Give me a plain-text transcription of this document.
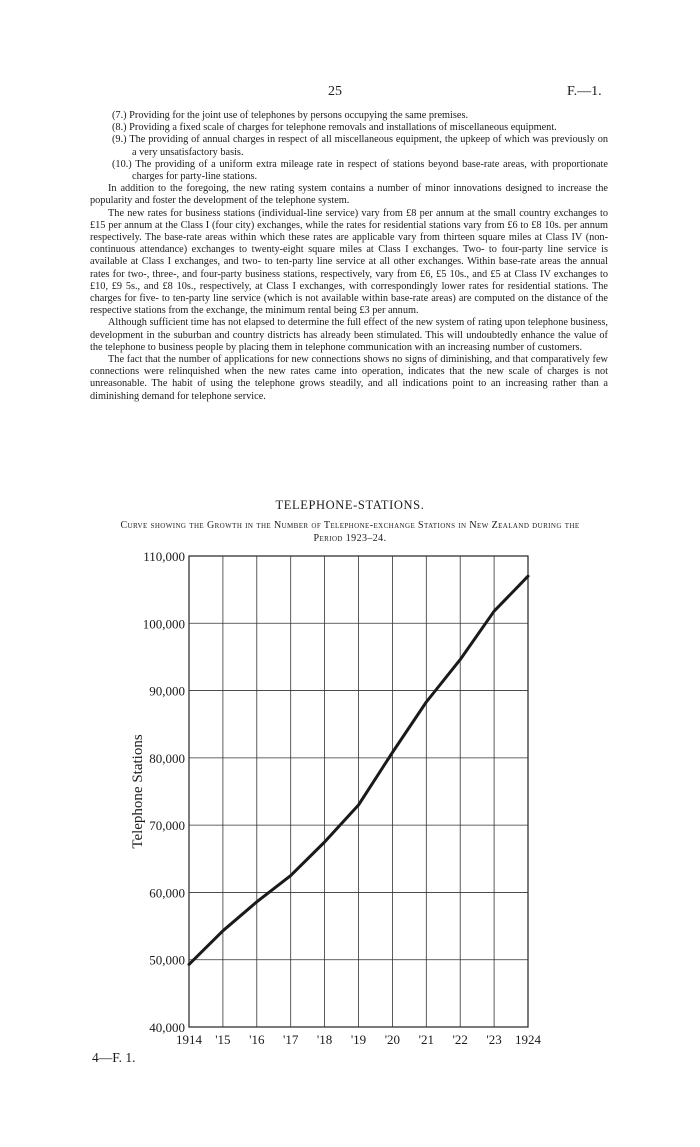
25	F.—1.

(7.) Providing for the joint use of telephones by persons occupying the same premises.

(8.) Providing a fixed scale of charges for telephone removals and installations of miscellaneous equipment.

(9.) The providing of annual charges in respect of all miscellaneous equipment, the upkeep of which was previously on a very unsatisfactory basis.

(10.) The providing of a uniform extra mileage rate in respect of stations beyond base-rate areas, with proportionate charges for party-line stations.

In addition to the foregoing, the new rating system contains a number of minor innovations designed to increase the popularity and foster the development of the telephone system.

The new rates for business stations (individual-line service) vary from £8 per annum at the small country exchanges to £15 per annum at the Class I (four city) exchanges, while the rates for residential stations vary from £6 to £8 10s. per annum respectively. The base-rate areas within which these rates are applicable vary from thirteen square miles at Class IV (non-continuous attendance) exchanges to twenty-eight square miles at Class I exchanges. Two- to four-party line service is available at Class I exchanges, and two- to ten-party line service at all other exchanges. Within base-rate areas the annual rates for two-, three-, and four-party business stations, respectively, vary from £6, £5 10s., and £5 at Class IV exchanges to £10, £9 5s., and £8 10s., respectively, at Class I exchanges, with correspondingly lower rates for residential stations. The charges for five- to ten-party line service (which is not available within base-rate areas) are computed on the distance of the respective stations from the exchange, the minimum rental being £3 per annum.

Although sufficient time has not elapsed to determine the full effect of the new system of rating upon telephone business, development in the suburban and country districts has already been stimulated. This will undoubtedly enhance the value of the telephone to business people by placing them in telephone communication with an increasing number of customers.

The fact that the number of applications for new connections shows no signs of diminishing, and that comparatively few connections were relinquished when the new rates came into operation, indicates that the new scale of charges is not unreasonable. The habit of using the telephone grows steadily, and all indications point to an increasing rather than a diminishing demand for telephone service.

TELEPHONE-STATIONS.
Curve showing the Growth in the Number of Telephone-exchange Stations in New Zealand during the Period 1923–24.
110,000
100,000
90,000
80,000
70,000
60,000
50,000
40,000
1914 '15 '16 '17 '18 '19 '20 '21 '22 '23 1924
Telephone Stations
4—F. 1.
